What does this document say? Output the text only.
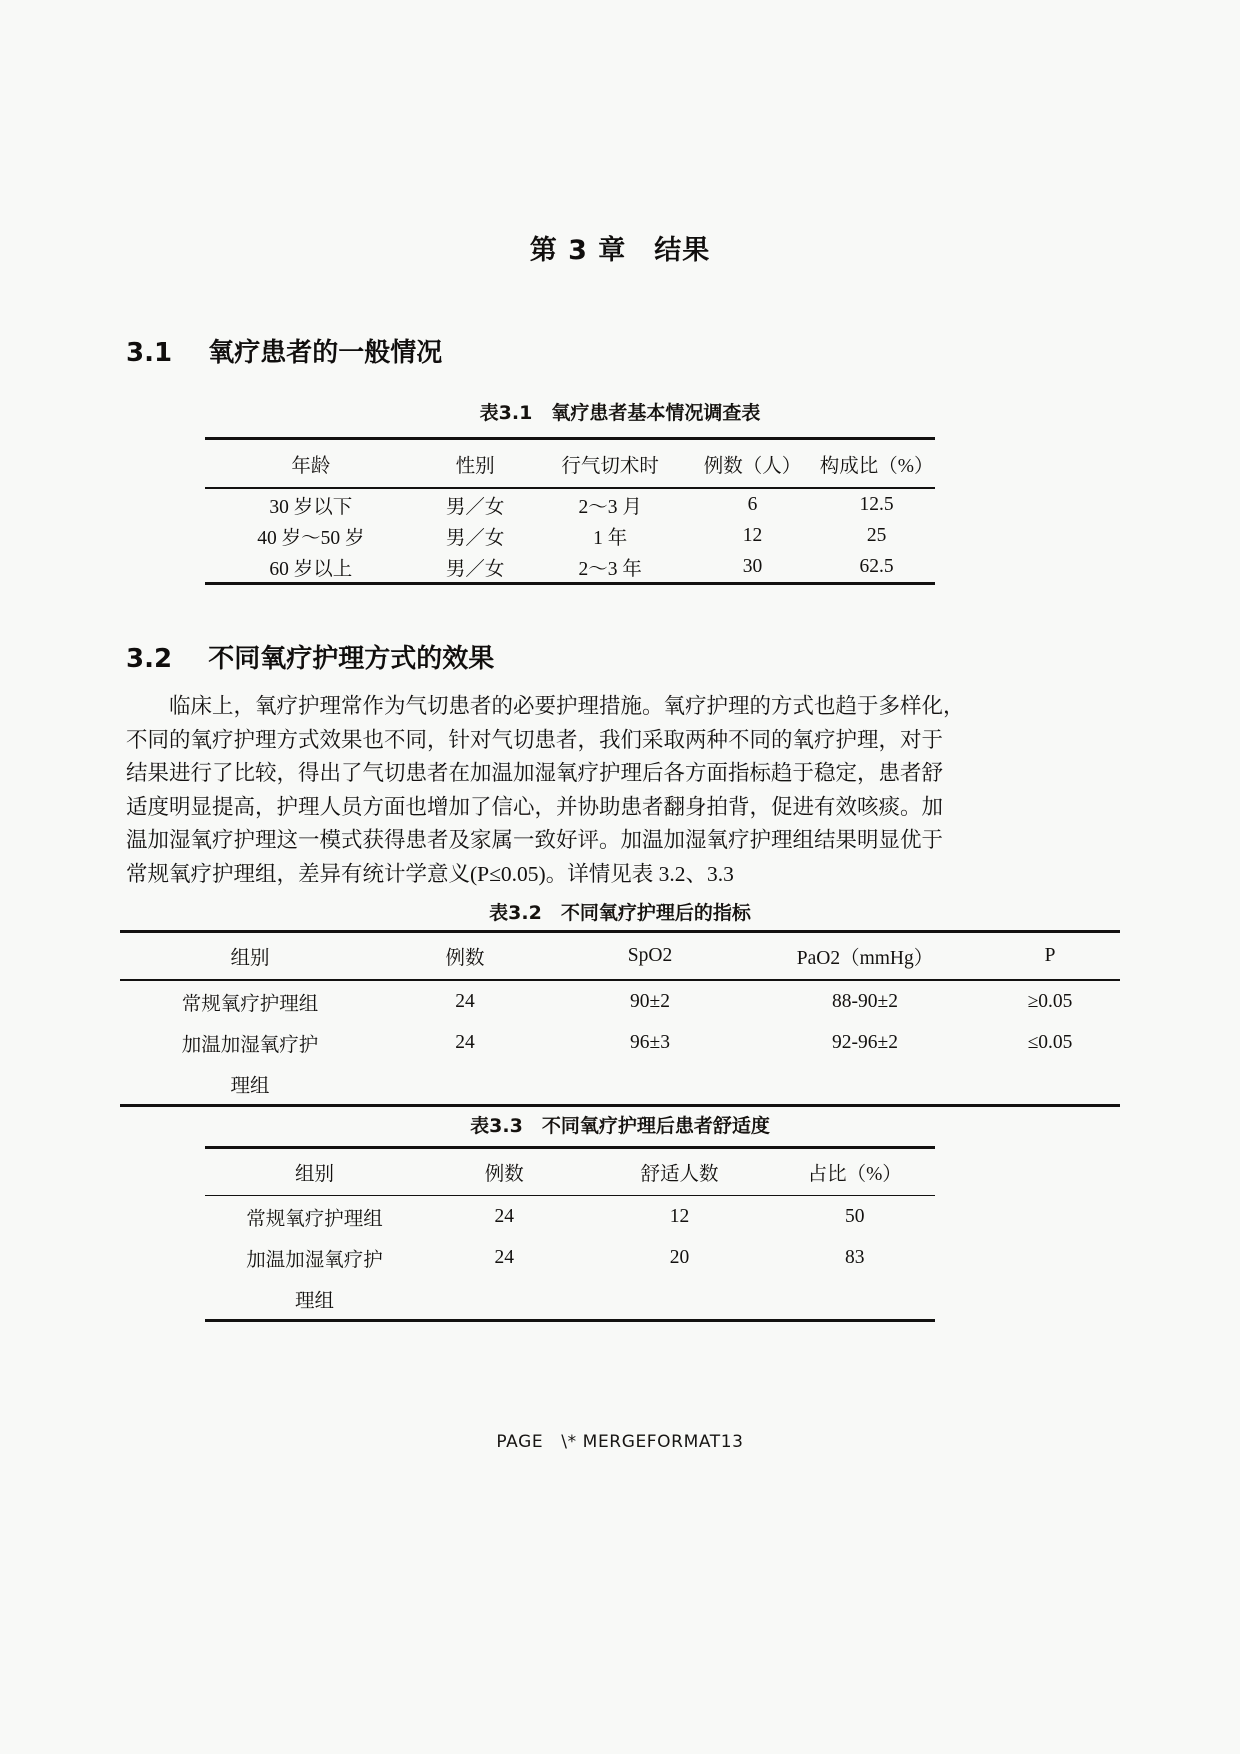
第 3 章　结果
3.1    氧疗患者的一般情况
表3.1　氧疗患者基本情况调查表
年龄	性别	行气切术时	例数（人）	构成比（%）
30 岁以下	男／女	2～3 月	6	12.5
40 岁～50 岁	男／女	1 年	12	25
60 岁以上	男／女	2～3 年	30	62.5
3.2    不同氧疗护理方式的效果
　　临床上，氧疗护理常作为气切患者的必要护理措施。氧疗护理的方式也趋于多样化，
不同的氧疗护理方式效果也不同，针对气切患者，我们采取两种不同的氧疗护理，对于
结果进行了比较，得出了气切患者在加温加湿氧疗护理后各方面指标趋于稳定，患者舒
适度明显提高，护理人员方面也增加了信心，并协助患者翻身拍背，促进有效咳痰。加
温加湿氧疗护理这一模式获得患者及家属一致好评。加温加湿氧疗护理组结果明显优于
常规氧疗护理组，差异有统计学意义(P≤0.05)。详情见表 3.2、3.3
表3.2　不同氧疗护理后的指标
组别	例数	SpO2	PaO2（mmHg）	P
常规氧疗护理组	24	90±2	88-90±2	≥0.05
加温加湿氧疗护	24	96±3	92-96±2	≤0.05
理组				
表3.3　不同氧疗护理后患者舒适度
组别	例数	舒适人数	占比（%）
常规氧疗护理组	24	12	50
加温加湿氧疗护	24	20	83
理组			
PAGE   \* MERGEFORMAT13
